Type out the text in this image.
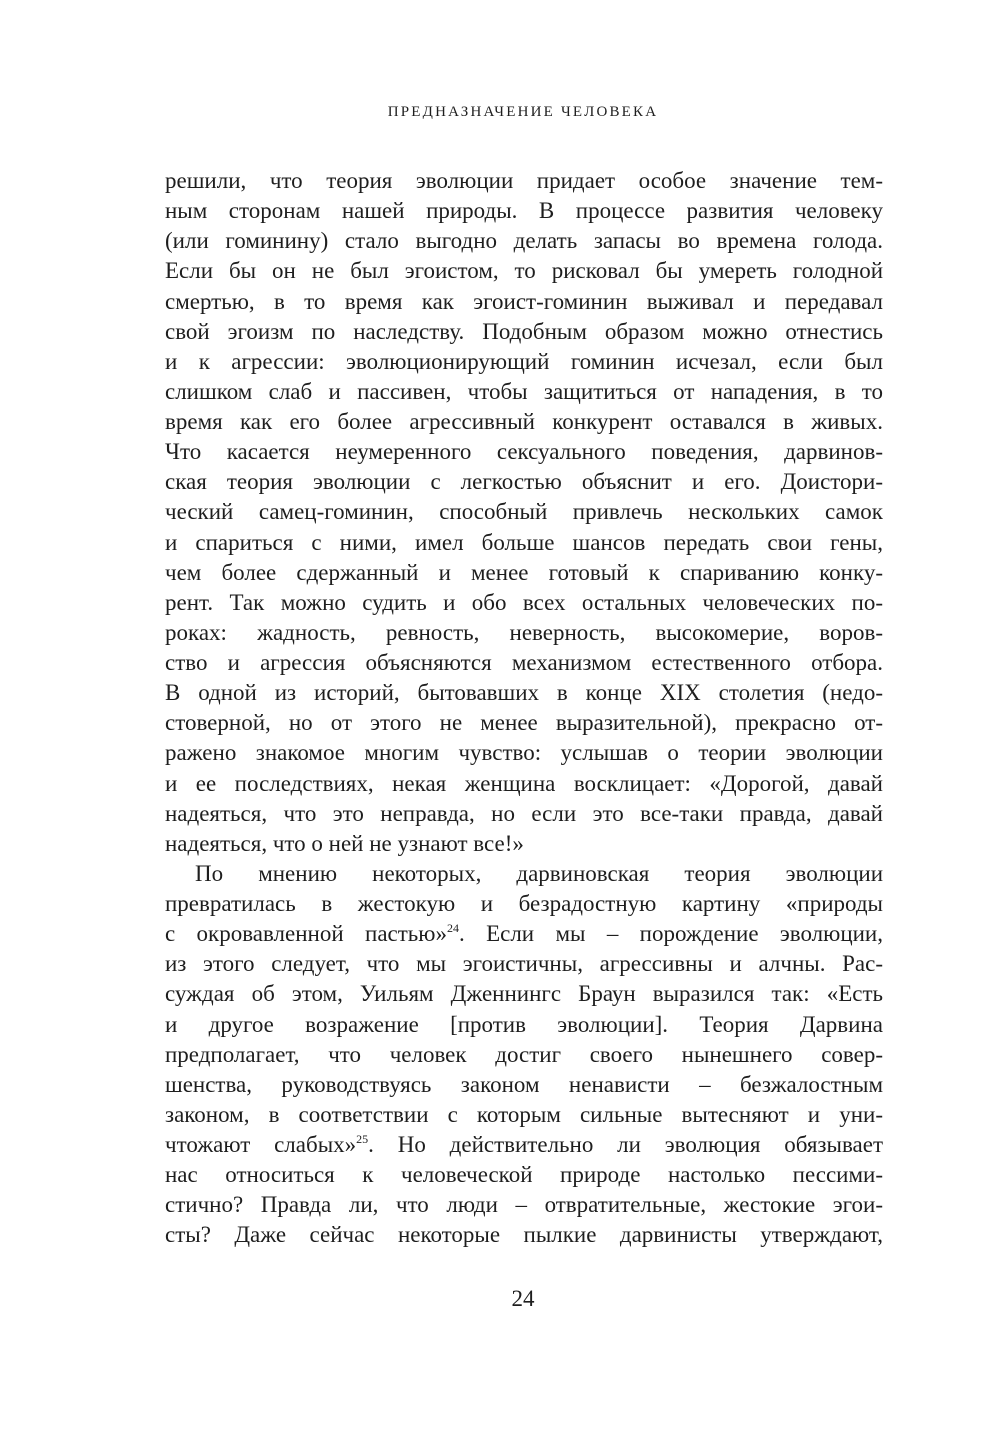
ПРЕДНАЗНАЧЕНИЕ ЧЕЛОВЕКА
решили, что теория эволюции придает особое значение тем-
ным сторонам нашей природы. В процессе развития человеку
(или гоминину) стало выгодно делать запасы во времена голода.
Если бы он не был эгоистом, то рисковал бы умереть голодной
смертью, в то время как эгоист-гоминин выживал и передавал
свой эгоизм по наследству. Подобным образом можно отнестись
и к агрессии: эволюционирующий гоминин исчезал, если был
слишком слаб и пассивен, чтобы защититься от нападения, в то
время как его более агрессивный конкурент оставался в живых.
Что касается неумеренного сексуального поведения, дарвинов-
ская теория эволюции с легкостью объяснит и его. Доистори-
ческий самец-гоминин, способный привлечь нескольких самок
и спариться с ними, имел больше шансов передать свои гены,
чем более сдержанный и менее готовый к спариванию конку-
рент. Так можно судить и обо всех остальных человеческих по-
роках: жадность, ревность, неверность, высокомерие, воров-
ство и агрессия объясняются механизмом естественного отбора.
В одной из историй, бытовавших в конце XIX столетия (недо-
стоверной, но от этого не менее выразительной), прекрасно от-
ражено знакомое многим чувство: услышав о теории эволюции
и ее последствиях, некая женщина восклицает: «Дорогой, давай
надеяться, что это неправда, но если это все-таки правда, давай
надеяться, что о ней не узнают все!»
По мнению некоторых, дарвиновская теория эволюции
превратилась в жестокую и безрадостную картину «природы
с окровавленной пастью»$^{24}$. Если мы – порождение эволюции,
из этого следует, что мы эгоистичны, агрессивны и алчны. Рас-
суждая об этом, Уильям Дженнингс Браун выразился так: «Есть
и другое возражение [против эволюции]. Теория Дарвина
предполагает, что человек достиг своего нынешнего совер-
шенства, руководствуясь законом ненависти – безжалостным
законом, в соответствии с которым сильные вытесняют и уни-
чтожают слабых»$^{25}$. Но действительно ли эволюция обязывает
нас относиться к человеческой природе настолько пессими-
стично? Правда ли, что люди – отвратительные, жестокие эгои-
сты? Даже сейчас некоторые пылкие дарвинисты утверждают,
24
